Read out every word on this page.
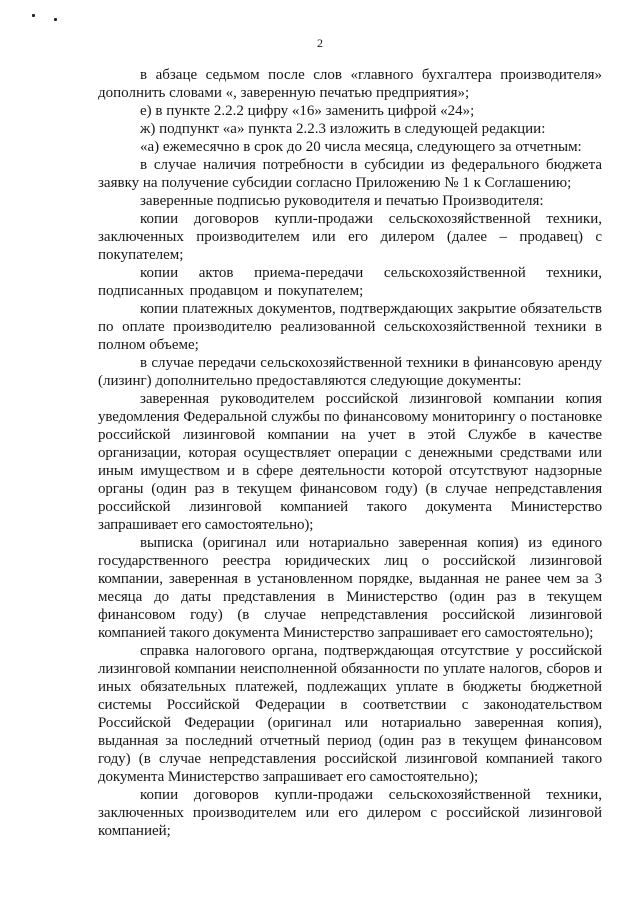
2

в абзаце седьмом после слов «главного бухгалтера производителя» дополнить словами «, заверенную печатью предприятия»;

е) в пункте 2.2.2 цифру «16» заменить цифрой «24»;

ж) подпункт «а» пункта 2.2.3 изложить в следующей редакции:

«а) ежемесячно в срок до 20 числа месяца, следующего за отчетным:

в случае наличия потребности в субсидии из федерального бюджета заявку на получение субсидии согласно Приложению № 1 к Соглашению;

заверенные подписью руководителя и печатью Производителя:

копии договоров купли-продажи сельскохозяйственной техники, заключенных производителем или его дилером (далее – продавец) с покупателем;

копии актов приема-передачи сельскохозяйственной техники, подписанных продавцом и покупателем;

копии платежных документов, подтверждающих закрытие обязательств по оплате производителю реализованной сельскохозяйственной техники в полном объеме;

в случае передачи сельскохозяйственной техники в финансовую аренду (лизинг) дополнительно предоставляются следующие документы:

заверенная руководителем российской лизинговой компании копия уведомления Федеральной службы по финансовому мониторингу о постановке российской лизинговой компании на учет в этой Службе в качестве организации, которая осуществляет операции с денежными средствами или иным имуществом и в сфере деятельности которой отсутствуют надзорные органы (один раз в текущем финансовом году) (в случае непредставления российской лизинговой компанией такого документа Министерство запрашивает его самостоятельно);

выписка (оригинал или нотариально заверенная копия) из единого государственного реестра юридических лиц о российской лизинговой компании, заверенная в установленном порядке, выданная не ранее чем за 3 месяца до даты представления в Министерство (один раз в текущем финансовом году) (в случае непредставления российской лизинговой компанией такого документа Министерство запрашивает его самостоятельно);

справка налогового органа, подтверждающая отсутствие у российской лизинговой компании неисполненной обязанности по уплате налогов, сборов и иных обязательных платежей, подлежащих уплате в бюджеты бюджетной системы Российской Федерации в соответствии с законодательством Российской Федерации (оригинал или нотариально заверенная копия), выданная за последний отчетный период (один раз в текущем финансовом году) (в случае непредставления российской лизинговой компанией такого документа Министерство запрашивает его самостоятельно);

копии договоров купли-продажи сельскохозяйственной техники, заключенных производителем или его дилером с российской лизинговой компанией;
